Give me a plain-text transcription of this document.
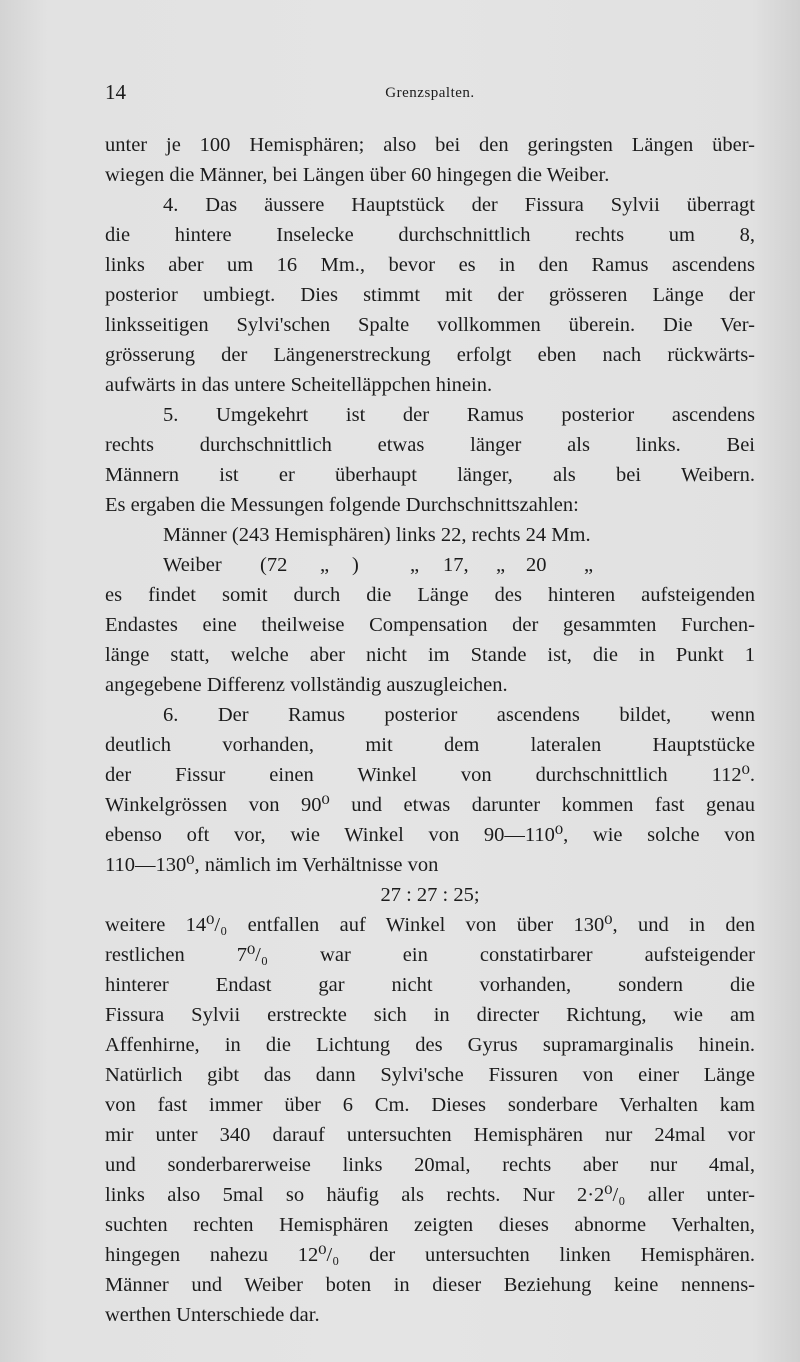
14	Grenzspalten.
unter je 100 Hemisphären; also bei den geringsten Längen über-
wiegen die Männer, bei Längen über 60 hingegen die Weiber.
4. Das äussere Hauptstück der Fissura Sylvii überragt
die hintere Inselecke durchschnittlich rechts um 8,
links aber um 16 Mm., bevor es in den Ramus ascendens
posterior umbiegt. Dies stimmt mit der grösseren Länge der
linksseitigen Sylvi'schen Spalte vollkommen überein. Die Ver-
grösserung der Längenerstreckung erfolgt eben nach rückwärts-
aufwärts in das untere Scheitelläppchen hinein.
5. Umgekehrt ist der Ramus posterior ascendens
rechts durchschnittlich etwas länger als links. Bei
Männern ist er überhaupt länger, als bei Weibern.
Es ergaben die Messungen folgende Durchschnittszahlen:
Männer (243 Hemisphären) links 22, rechts 24 Mm.
Weiber (72 „ ) „ 17, „ 20 „
es findet somit durch die Länge des hinteren aufsteigenden
Endastes eine theilweise Compensation der gesammten Furchen-
länge statt, welche aber nicht im Stande ist, die in Punkt 1
angegebene Differenz vollständig auszugleichen.
6. Der Ramus posterior ascendens bildet, wenn
deutlich vorhanden, mit dem lateralen Hauptstücke
der Fissur einen Winkel von durchschnittlich 112⁰.
Winkelgrössen von 90⁰ und etwas darunter kommen fast genau
ebenso oft vor, wie Winkel von 90—110⁰, wie solche von
110—130⁰, nämlich im Verhältnisse von
27 : 27 : 25;
weitere 14⁰/₀ entfallen auf Winkel von über 130⁰, und in den
restlichen 7⁰/₀ war ein constatirbarer aufsteigender
hinterer Endast gar nicht vorhanden, sondern die
Fissura Sylvii erstreckte sich in directer Richtung, wie am
Affenhirne, in die Lichtung des Gyrus supramarginalis hinein.
Natürlich gibt das dann Sylvi'sche Fissuren von einer Länge
von fast immer über 6 Cm. Dieses sonderbare Verhalten kam
mir unter 340 darauf untersuchten Hemisphären nur 24mal vor
und sonderbarerweise links 20mal, rechts aber nur 4mal,
links also 5mal so häufig als rechts. Nur 2·2⁰/₀ aller unter-
suchten rechten Hemisphären zeigten dieses abnorme Verhalten,
hingegen nahezu 12⁰/₀ der untersuchten linken Hemisphären.
Männer und Weiber boten in dieser Beziehung keine nennens-
werthen Unterschiede dar.
